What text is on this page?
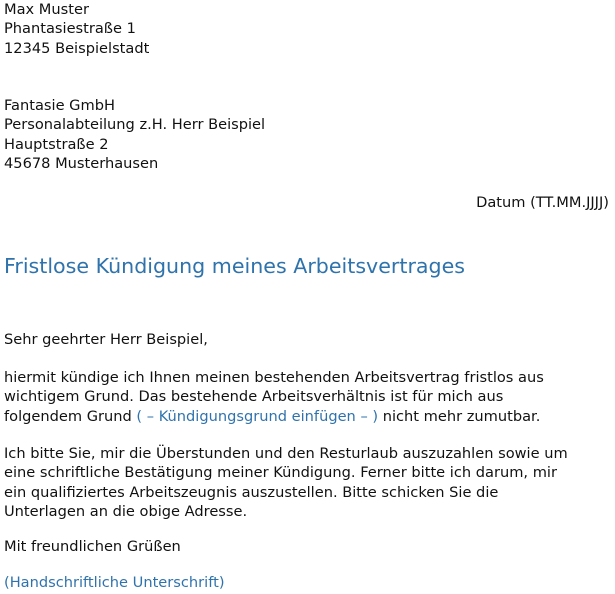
Max Muster
Phantasiestraße 1
12345 Beispielstadt
Fantasie GmbH
Personalabteilung z.H. Herr Beispiel
Hauptstraße 2
45678 Musterhausen
Datum (TT.MM.JJJJ)
Fristlose Kündigung meines Arbeitsvertrages
Sehr geehrter Herr Beispiel,
hiermit kündige ich Ihnen meinen bestehenden Arbeitsvertrag fristlos aus
wichtigem Grund. Das bestehende Arbeitsverhältnis ist für mich aus
folgendem Grund ( – Kündigungsgrund einfügen – ) nicht mehr zumutbar.
Ich bitte Sie, mir die Überstunden und den Resturlaub auszuzahlen sowie um
eine schriftliche Bestätigung meiner Kündigung. Ferner bitte ich darum, mir
ein qualifiziertes Arbeitszeugnis auszustellen. Bitte schicken Sie die
Unterlagen an die obige Adresse.
Mit freundlichen Grüßen
(Handschriftliche Unterschrift)
